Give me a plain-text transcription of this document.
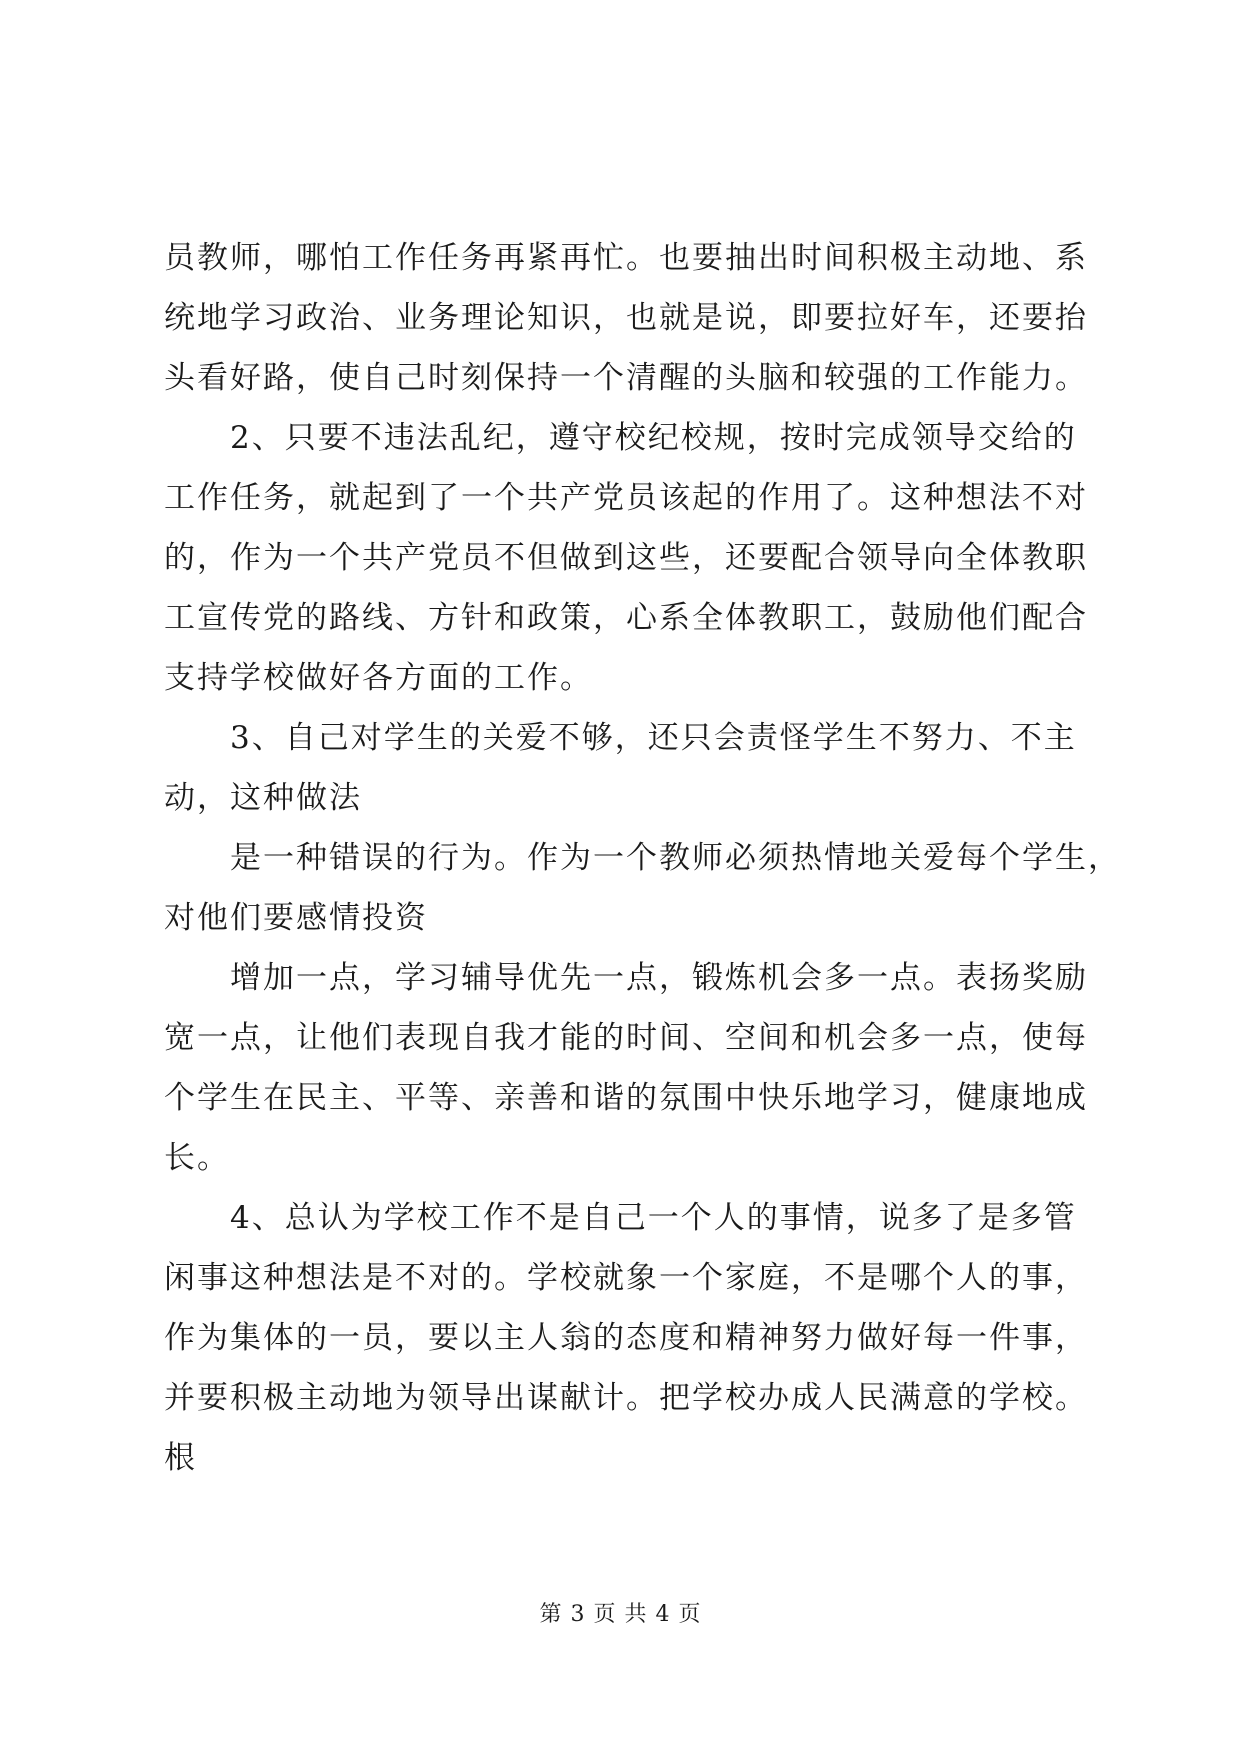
员教师，哪怕工作任务再紧再忙。也要抽出时间积极主动地、系
统地学习政治、业务理论知识，也就是说，即要拉好车，还要抬
头看好路，使自己时刻保持一个清醒的头脑和较强的工作能力。
2、只要不违法乱纪，遵守校纪校规，按时完成领导交给的
工作任务，就起到了一个共产党员该起的作用了。这种想法不对
的，作为一个共产党员不但做到这些，还要配合领导向全体教职
工宣传党的路线、方针和政策，心系全体教职工，鼓励他们配合
支持学校做好各方面的工作。
3、自己对学生的关爱不够，还只会责怪学生不努力、不主
动，这种做法
是一种错误的行为。作为一个教师必须热情地关爱每个学生，
对他们要感情投资
增加一点，学习辅导优先一点，锻炼机会多一点。表扬奖励
宽一点，让他们表现自我才能的时间、空间和机会多一点，使每
个学生在民主、平等、亲善和谐的氛围中快乐地学习，健康地成
长。
4、总认为学校工作不是自己一个人的事情，说多了是多管
闲事这种想法是不对的。学校就象一个家庭，不是哪个人的事，
作为集体的一员，要以主人翁的态度和精神努力做好每一件事，
并要积极主动地为领导出谋献计。把学校办成人民满意的学校。
根
第 3 页 共 4 页
